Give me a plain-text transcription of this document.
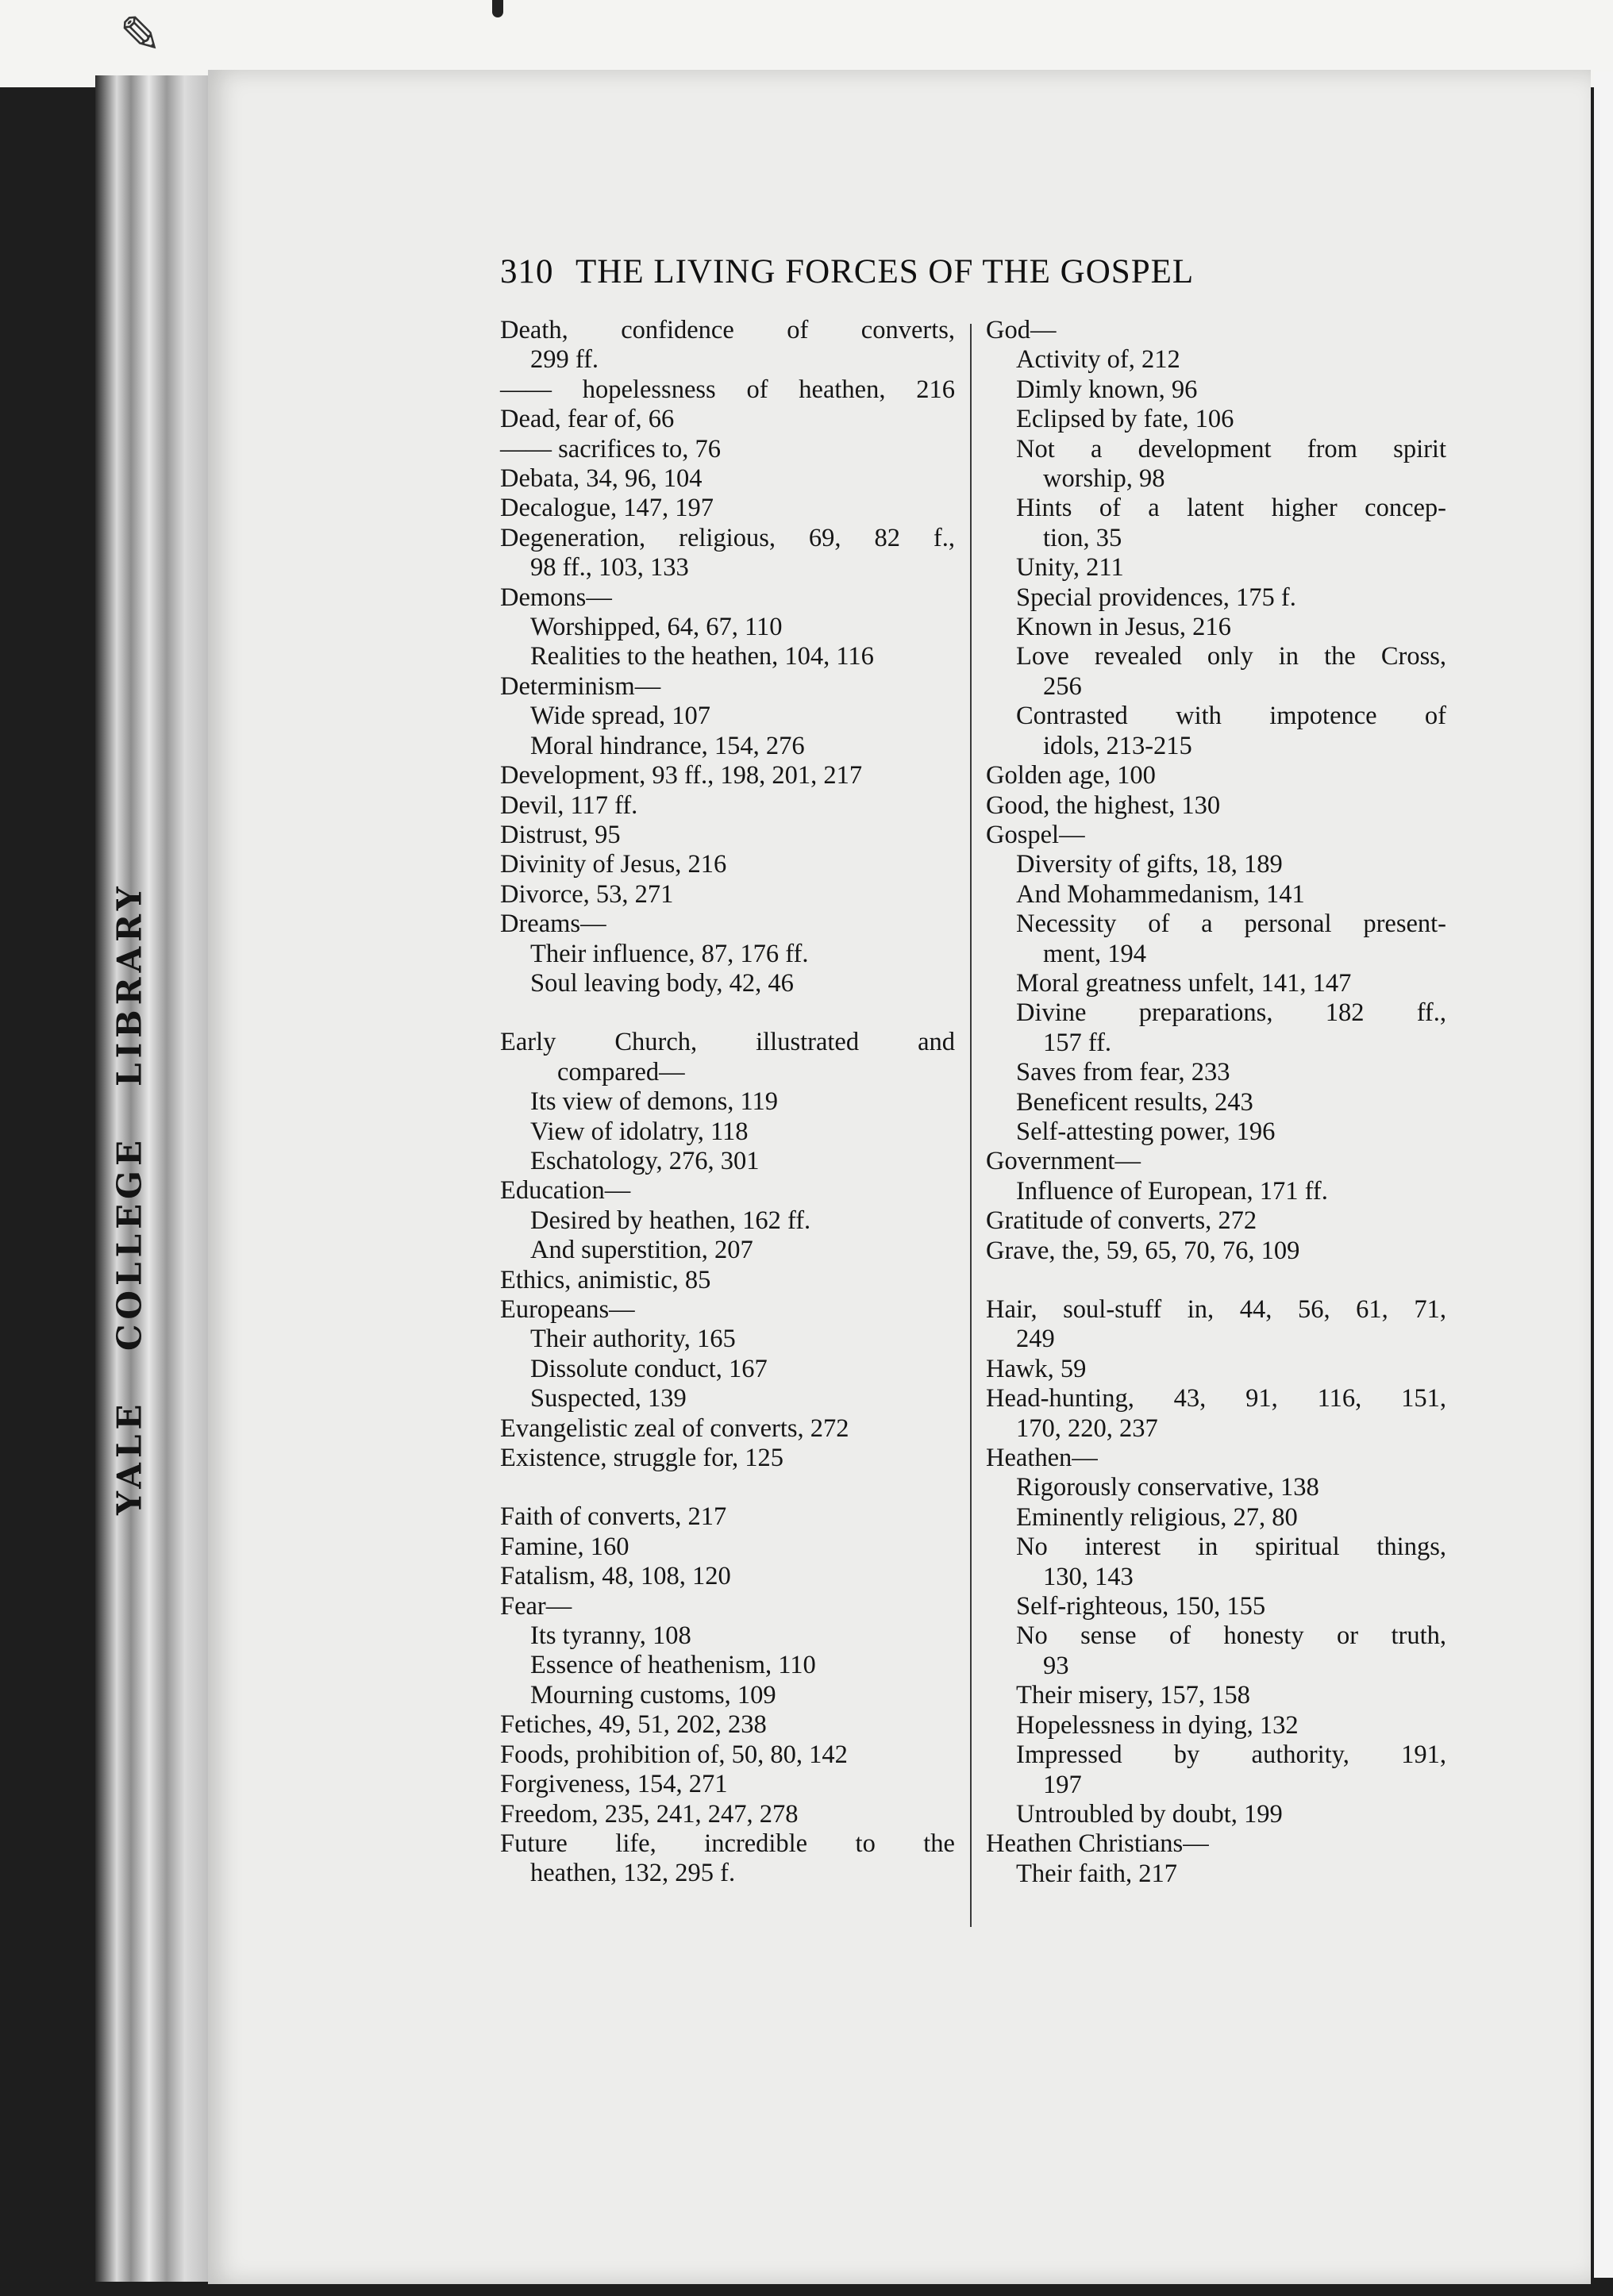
✎
YALE
COLLEGE
LIBRARY
310 THE LIVING FORCES OF THE GOSPEL
Death, confidence of converts,
299 ff.
—— hopelessness of heathen, 216
Dead, fear of, 66
—— sacrifices to, 76
Debata, 34, 96, 104
Decalogue, 147, 197
Degeneration, religious, 69, 82 f.,
98 ff., 103, 133
Demons—
Worshipped, 64, 67, 110
Realities to the heathen, 104, 116
Determinism—
Wide spread, 107
Moral hindrance, 154, 276
Development, 93 ff., 198, 201, 217
Devil, 117 ff.
Distrust, 95
Divinity of Jesus, 216
Divorce, 53, 271
Dreams—
Their influence, 87, 176 ff.
Soul leaving body, 42, 46
Early Church, illustrated and
compared—
Its view of demons, 119
View of idolatry, 118
Eschatology, 276, 301
Education—
Desired by heathen, 162 ff.
And superstition, 207
Ethics, animistic, 85
Europeans—
Their authority, 165
Dissolute conduct, 167
Suspected, 139
Evangelistic zeal of converts, 272
Existence, struggle for, 125
Faith of converts, 217
Famine, 160
Fatalism, 48, 108, 120
Fear—
Its tyranny, 108
Essence of heathenism, 110
Mourning customs, 109
Fetiches, 49, 51, 202, 238
Foods, prohibition of, 50, 80, 142
Forgiveness, 154, 271
Freedom, 235, 241, 247, 278
Future life, incredible to the
heathen, 132, 295 f.
God—
Activity of, 212
Dimly known, 96
Eclipsed by fate, 106
Not a development from spirit
worship, 98
Hints of a latent higher concep-
tion, 35
Unity, 211
Special providences, 175 f.
Known in Jesus, 216
Love revealed only in the Cross,
256
Contrasted with impotence of
idols, 213-215
Golden age, 100
Good, the highest, 130
Gospel—
Diversity of gifts, 18, 189
And Mohammedanism, 141
Necessity of a personal present-
ment, 194
Moral greatness unfelt, 141, 147
Divine preparations, 182 ff.,
157 ff.
Saves from fear, 233
Beneficent results, 243
Self-attesting power, 196
Government—
Influence of European, 171 ff.
Gratitude of converts, 272
Grave, the, 59, 65, 70, 76, 109
Hair, soul-stuff in, 44, 56, 61, 71,
249
Hawk, 59
Head-hunting, 43, 91, 116, 151,
170, 220, 237
Heathen—
Rigorously conservative, 138
Eminently religious, 27, 80
No interest in spiritual things,
130, 143
Self-righteous, 150, 155
No sense of honesty or truth,
93
Their misery, 157, 158
Hopelessness in dying, 132
Impressed by authority, 191,
197
Untroubled by doubt, 199
Heathen Christians—
Their faith, 217
